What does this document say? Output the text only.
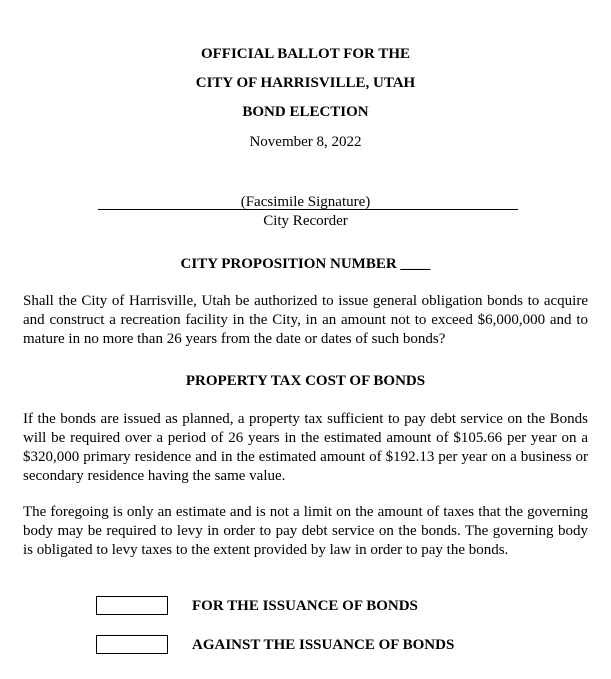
OFFICIAL BALLOT FOR THE
CITY OF HARRISVILLE, UTAH
BOND ELECTION
November 8, 2022
(Facsimile Signature)
City Recorder
CITY PROPOSITION NUMBER ____
Shall the City of Harrisville, Utah be authorized to issue general obligation bonds to acquire and construct a recreation facility in the City, in an amount not to exceed $6,000,000 and to mature in no more than 26 years from the date or dates of such bonds?
PROPERTY TAX COST OF BONDS
If the bonds are issued as planned, a property tax sufficient to pay debt service on the Bonds will be required over a period of 26 years in the estimated amount of $105.66 per year on a $320,000 primary residence and in the estimated amount of $192.13 per year on a business or secondary residence having the same value.
The foregoing is only an estimate and is not a limit on the amount of taxes that the governing body may be required to levy in order to pay debt service on the bonds. The governing body is obligated to levy taxes to the extent provided by law in order to pay the bonds.
FOR THE ISSUANCE OF BONDS
AGAINST THE ISSUANCE OF BONDS
